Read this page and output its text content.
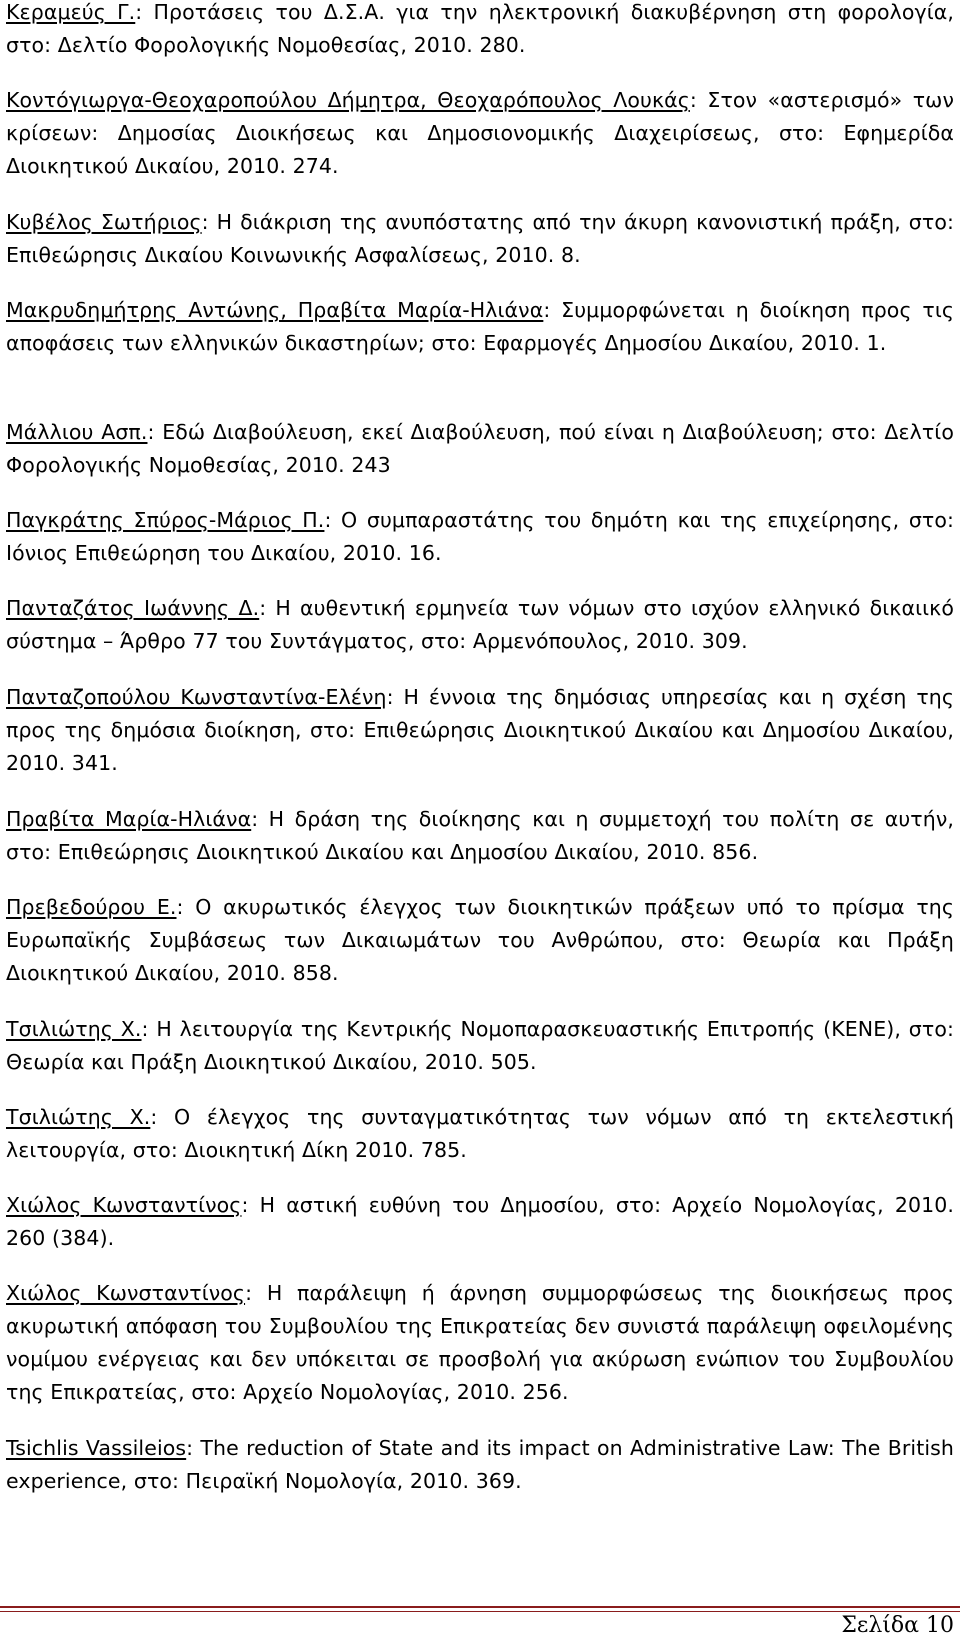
Κεραμεύς Γ.: Προτάσεις του Δ.Σ.Α. για την ηλεκτρονική διακυβέρνηση στη φορολογία, στο: Δελτίο Φορολογικής Νομοθεσίας, 2010. 280.

Κοντόγιωργα-Θεοχαροπούλου Δήμητρα, Θεοχαρόπουλος Λουκάς: Στον «αστερισμό» των κρίσεων: Δημοσίας Διοικήσεως και Δημοσιονομικής Διαχειρίσεως, στο: Εφημερίδα Διοικητικού Δικαίου, 2010. 274.

Κυβέλος Σωτήριος: Η διάκριση της ανυπόστατης από την άκυρη κανονιστική πράξη, στο: Επιθεώρησις Δικαίου Κοινωνικής Ασφαλίσεως, 2010. 8.

Μακρυδημήτρης Αντώνης, Πραβίτα Μαρία-Ηλιάνα: Συμμορφώνεται η διοίκηση προς τις αποφάσεις των ελληνικών δικαστηρίων; στο: Εφαρμογές Δημοσίου Δικαίου, 2010. 1.

Μάλλιου Ασπ.: Εδώ Διαβούλευση, εκεί Διαβούλευση, πού είναι η Διαβούλευση; στο: Δελτίο Φορολογικής Νομοθεσίας, 2010. 243

Παγκράτης Σπύρος-Μάριος Π.: Ο συμπαραστάτης του δημότη και της επιχείρησης, στο: Ιόνιος Επιθεώρηση του Δικαίου, 2010. 16.

Πανταζάτος Ιωάννης Δ.: Η αυθεντική ερμηνεία των νόμων στο ισχύον ελληνικό δικαιικό σύστημα – Άρθρο 77 του Συντάγματος, στο: Αρμενόπουλος, 2010. 309.

Πανταζοπούλου Κωνσταντίνα-Ελένη: Η έννοια της δημόσιας υπηρεσίας και η σχέση της προς της δημόσια διοίκηση, στο: Επιθεώρησις Διοικητικού Δικαίου και Δημοσίου Δικαίου, 2010. 341.

Πραβίτα Μαρία-Ηλιάνα: Η δράση της διοίκησης και η συμμετοχή του πολίτη σε αυτήν, στο: Επιθεώρησις Διοικητικού Δικαίου και Δημοσίου Δικαίου, 2010. 856.

Πρεβεδούρου Ε.: Ο ακυρωτικός έλεγχος των διοικητικών πράξεων υπό το πρίσμα της Ευρωπαϊκής Συμβάσεως των Δικαιωμάτων του Ανθρώπου, στο: Θεωρία και Πράξη Διοικητικού Δικαίου, 2010. 858.

Τσιλιώτης Χ.: Η λειτουργία της Κεντρικής Νομοπαρασκευαστικής Επιτροπής (ΚΕΝΕ), στο: Θεωρία και Πράξη Διοικητικού Δικαίου, 2010. 505.

Τσιλιώτης Χ.: Ο έλεγχος της συνταγματικότητας των νόμων από τη εκτελεστική λειτουργία, στο: Διοικητική Δίκη 2010. 785.

Χιώλος Κωνσταντίνος: Η αστική ευθύνη του Δημοσίου, στο: Αρχείο Νομολογίας, 2010. 260 (384).

Χιώλος Κωνσταντίνος: Η παράλειψη ή άρνηση συμμορφώσεως της διοικήσεως προς ακυρωτική απόφαση του Συμβουλίου της Επικρατείας δεν συνιστά παράλειψη οφειλομένης νομίμου ενέργειας και δεν υπόκειται σε προσβολή για ακύρωση ενώπιον του Συμβουλίου της Επικρατείας, στο: Αρχείο Νομολογίας, 2010. 256.

Tsichlis Vassileios: The reduction of State and its impact on Administrative Law: The British experience, στο: Πειραϊκή Νομολογία, 2010. 369.

Σελίδα 10
